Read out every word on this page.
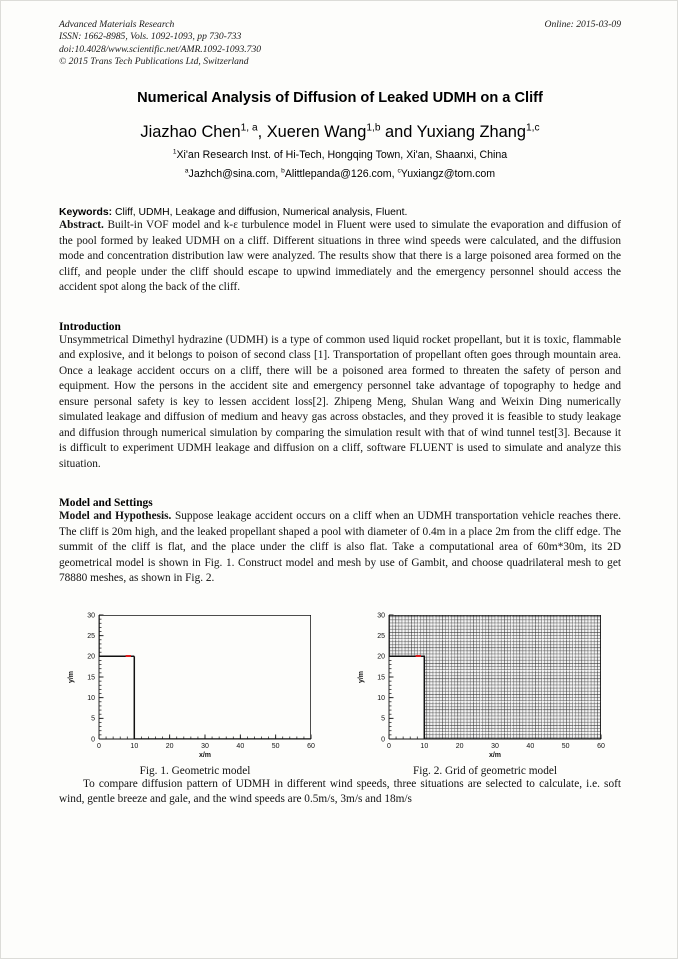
Advanced Materials Research
ISSN: 1662-8985, Vols. 1092-1093, pp 730-733
doi:10.4028/www.scientific.net/AMR.1092-1093.730
© 2015 Trans Tech Publications Ltd, Switzerland
Online: 2015-03-09
Numerical Analysis of Diffusion of Leaked UDMH on a Cliff
Jiazhao Chen$^{1, a}$, Xueren Wang$^{1,b}$ and Yuxiang Zhang$^{1,c}$
$^1$Xi'an Research Inst. of Hi-Tech, Hongqing Town, Xi'an, Shaanxi, China
$^a$Jazhch@sina.com, $^b$Alittlepanda@126.com, $^c$Yuxiangz@tom.com
Keywords: Cliff, UDMH, Leakage and diffusion, Numerical analysis, Fluent.

Abstract. Built-in VOF model and k-ε turbulence model in Fluent were used to simulate the evaporation and diffusion of the pool formed by leaked UDMH on a cliff. Different situations in three wind speeds were calculated, and the diffusion mode and concentration distribution law were analyzed. The results show that there is a large poisoned area formed on the cliff, and people under the cliff should escape to upwind immediately and the emergency personnel should access the accident spot along the back of the cliff.

Introduction

Unsymmetrical Dimethyl hydrazine (UDMH) is a type of common used liquid rocket propellant, but it is toxic, flammable and explosive, and it belongs to poison of second class [1]. Transportation of propellant often goes through mountain area. Once a leakage accident occurs on a cliff, there will be a poisoned area formed to threaten the safety of person and equipment. How the persons in the accident site and emergency personnel take advantage of topography to hedge and ensure personal safety is key to lessen accident loss[2]. Zhipeng Meng, Shulan Wang and Weixin Ding numerically simulated leakage and diffusion of medium and heavy gas across obstacles, and they proved it is feasible to study leakage and diffusion through numerical simulation by comparing the simulation result with that of wind tunnel test[3]. Because it is difficult to experiment UDMH leakage and diffusion on a cliff, software FLUENT is used to simulate and analyze this situation.

Model and Settings

Model and Hypothesis. Suppose leakage accident occurs on a cliff when an UDMH transportation vehicle reaches there. The cliff is 20m high, and the leaked propellant shaped a pool with diameter of 0.4m in a place 2m from the cliff edge. The summit of the cliff is flat, and the place under the cliff is also flat. Take a computational area of 60m*30m, its 2D geometrical model is shown in Fig. 1. Construct model and mesh by use of Gambit, and choose quadrilateral mesh to get 78880 meshes, as shown in Fig. 2.

0	10	20	30	40	50	60
0
5
10
15
20
25
30
x/m
y/m
Fig. 1. Geometric model
0	10	20	30	40	50	60
0
5
10
15
20
25
30
x/m
y/m
Fig. 2. Grid of geometric model

To compare diffusion pattern of UDMH in different wind speeds, three situations are selected to calculate, i.e. soft wind, gentle breeze and gale, and the wind speeds are 0.5m/s, 3m/s and 18m/s
